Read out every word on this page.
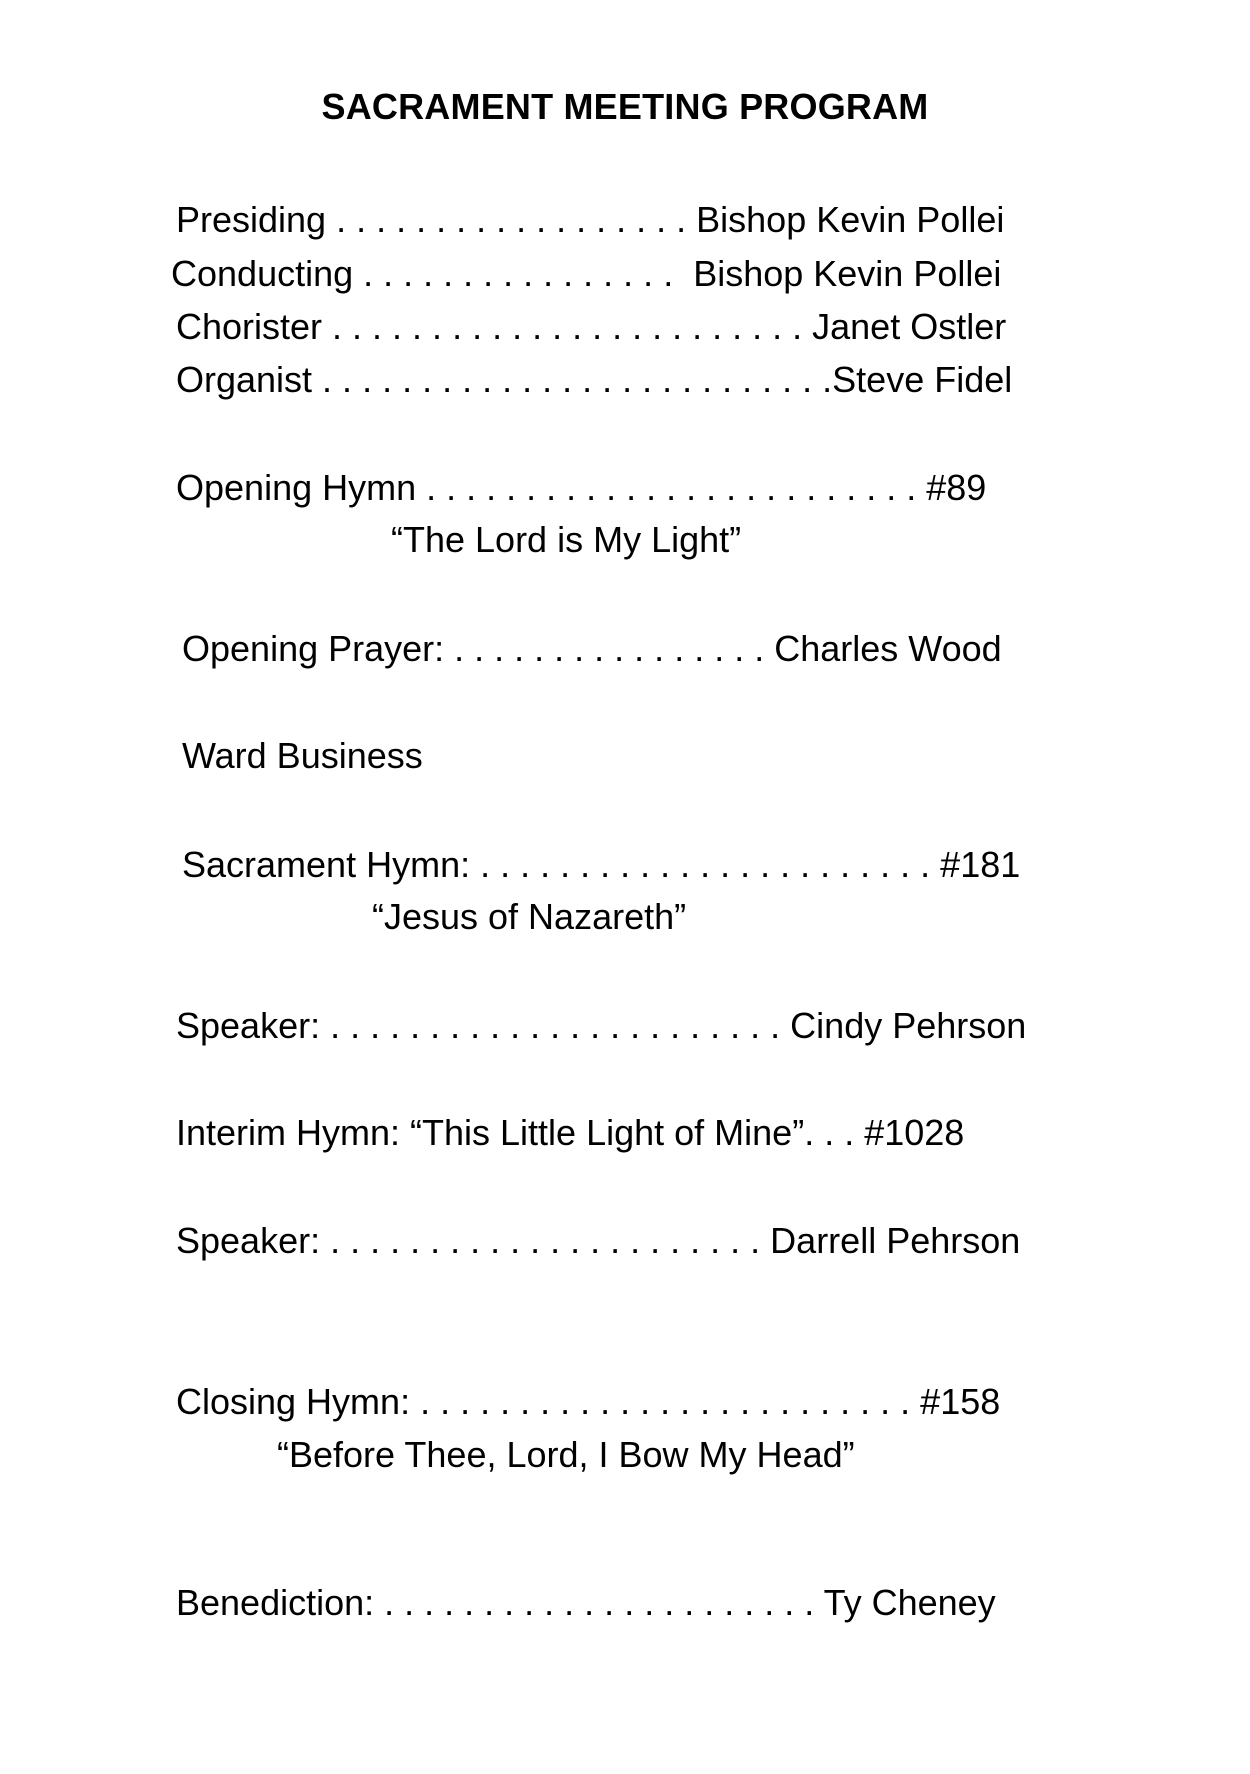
SACRAMENT MEETING PROGRAM
Presiding . . . . . . . . . . . . . . . . . . Bishop Kevin Pollei
Conducting . . . . . . . . . . . . . . . .  Bishop Kevin Pollei
Chorister . . . . . . . . . . . . . . . . . . . . . . . . Janet Ostler
Organist . . . . . . . . . . . . . . . . . . . . . . . . . .Steve Fidel
Opening Hymn . . . . . . . . . . . . . . . . . . . . . . . . . #89
“The Lord is My Light”
Opening Prayer: . . . . . . . . . . . . . . . . Charles Wood
Ward Business
Sacrament Hymn: . . . . . . . . . . . . . . . . . . . . . . . #181
“Jesus of Nazareth”
Speaker: . . . . . . . . . . . . . . . . . . . . . . . Cindy Pehrson
Interim Hymn: “This Little Light of Mine”. . . #1028
Speaker: . . . . . . . . . . . . . . . . . . . . . . Darrell Pehrson
Closing Hymn: . . . . . . . . . . . . . . . . . . . . . . . . . #158
“Before Thee, Lord, I Bow My Head”
Benediction: . . . . . . . . . . . . . . . . . . . . . . Ty Cheney
